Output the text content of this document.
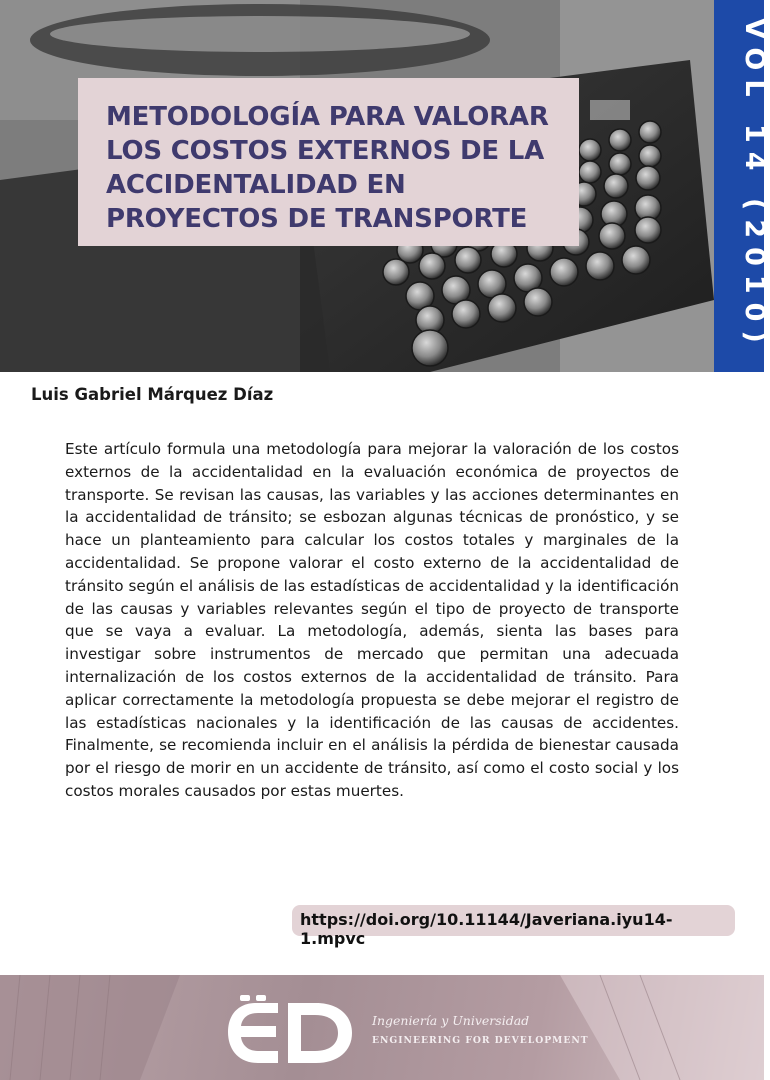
VOL 14 (2010)
METODOLOGÍA PARA VALORAR
LOS COSTOS EXTERNOS DE LA
ACCIDENTALIDAD EN
PROYECTOS DE TRANSPORTE
Luis Gabriel Márquez Díaz

Este artículo formula una metodología para mejorar la valoración de los costos externos de la accidentalidad en la evaluación económica de proyectos de transporte. Se revisan las causas, las variables y las acciones determinantes en la accidentalidad de tránsito; se esbozan algunas técnicas de pronóstico, y se hace un planteamiento para calcular los costos totales y marginales de la accidentalidad. Se propone valorar el costo externo de la accidentalidad de tránsito según el análisis de las estadísticas de accidentalidad y la identificación de las causas y variables relevantes según el tipo de proyecto de transporte que se vaya a evaluar. La metodología, además, sienta las bases para investigar sobre instrumentos de mercado que permitan una adecuada internalización de los costos externos de la accidentalidad de tránsito. Para aplicar correctamente la metodología propuesta se debe mejorar el registro de las estadísticas nacionales y la identificación de las causas de accidentes. Finalmente, se recomienda incluir en el análisis la pérdida de bienestar causada por el riesgo de morir en un accidente de tránsito, así como el costo social y los costos morales causados por estas muertes.

https://doi.org/10.11144/Javeriana.iyu14-1.mpvc
Ingeniería y Universidad
ENGINEERING FOR DEVELOPMENT
